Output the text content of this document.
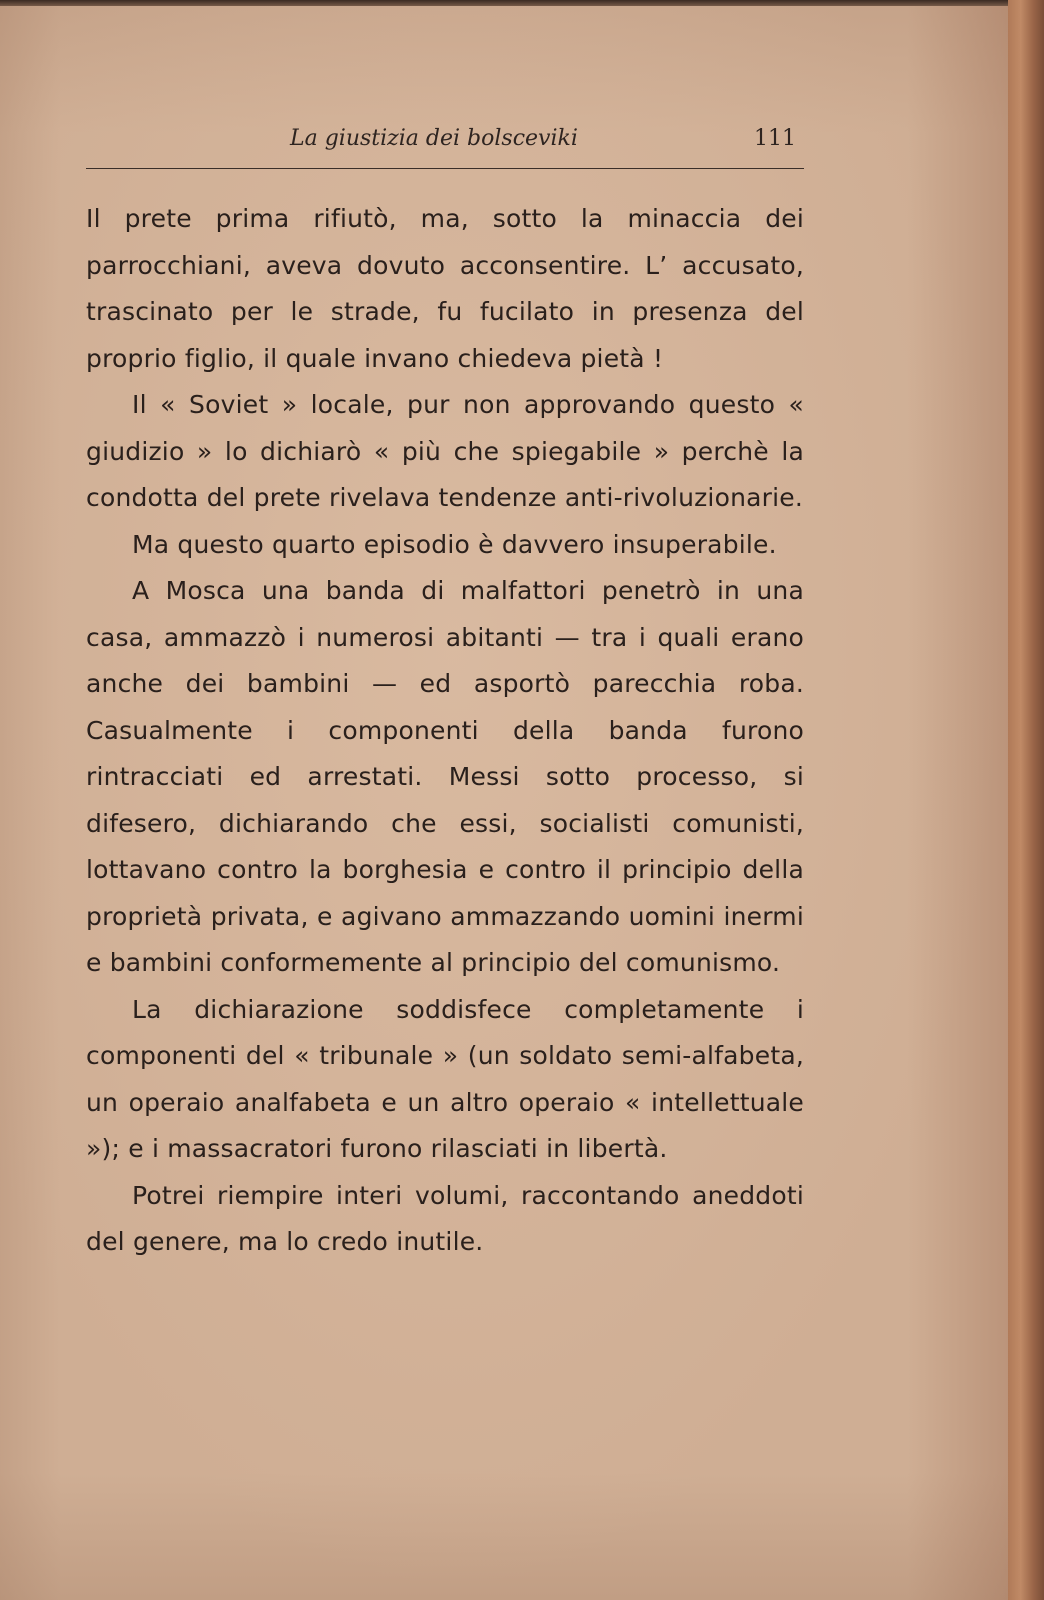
La giustizia dei bolsceviki	111

Il prete prima rifiutò, ma, sotto la minaccia dei parrocchiani, aveva dovuto acconsentire. L’ accusato, trascinato per le strade, fu fucilato in presenza del proprio figlio, il quale invano chiedeva pietà !

Il « Soviet » locale, pur non approvando questo « giudizio » lo dichiarò « più che spiegabile » perchè la condotta del prete rivelava tendenze anti-rivoluzionarie.

Ma questo quarto episodio è davvero insuperabile.

A Mosca una banda di malfattori penetrò in una casa, ammazzò i numerosi abitanti — tra i quali erano anche dei bambini — ed asportò parecchia roba. Casualmente i componenti della banda furono rintracciati ed arrestati. Messi sotto processo, si difesero, dichiarando che essi, socialisti comunisti, lottavano contro la borghesia e contro il principio della proprietà privata, e agivano ammazzando uomini inermi e bambini conformemente al principio del comunismo.

La dichiarazione soddisfece completamente i componenti del « tribunale » (un soldato semi-alfabeta, un operaio analfabeta e un altro operaio « intellettuale »); e i massacratori furono rilasciati in libertà.

Potrei riempire interi volumi, raccontando aneddoti del genere, ma lo credo inutile.
